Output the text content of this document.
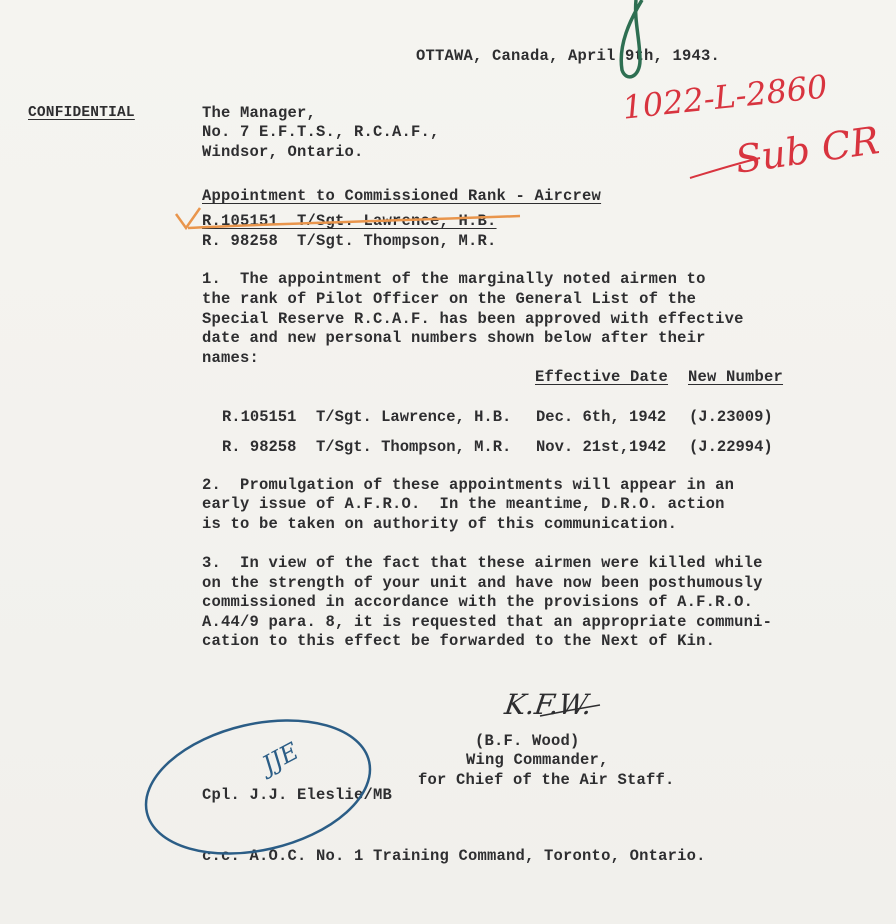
OTTAWA, Canada, April 9th, 1943.
CONFIDENTIAL	The Manager,
No. 7 E.F.T.S., R.C.A.F.,
Windsor, Ontario.
Appointment to Commissioned Rank - Aircrew
R.105151  T/Sgt. Lawrence, H.B.
R. 98258  T/Sgt. Thompson, M.R.
1.  The appointment of the marginally noted airmen to
the rank of Pilot Officer on the General List of the
Special Reserve R.C.A.F. has been approved with effective
date and new personal numbers shown below after their
names:
Effective Date New Number
R.105151 T/Sgt. Lawrence, H.B. Dec. 6th, 1942 (J.23009)
R. 98258 T/Sgt. Thompson, M.R. Nov. 21st,1942 (J.22994)
2.  Promulgation of these appointments will appear in an
early issue of A.F.R.O.  In the meantime, D.R.O. action
is to be taken on authority of this communication.
3.  In view of the fact that these airmen were killed while
on the strength of your unit and have now been posthumously
commissioned in accordance with the provisions of A.F.R.O.
A.44/9 para. 8, it is requested that an appropriate communi-
cation to this effect be forwarded to the Next of Kin.
K.F.W.
(B.F. Wood)
Wing Commander,
for Chief of the Air Staff.
Cpl. J.J. Eleslie/MB
JJE
c.c. A.O.C. No. 1 Training Command, Toronto, Ontario.
1022-L-2860
Sub CR
